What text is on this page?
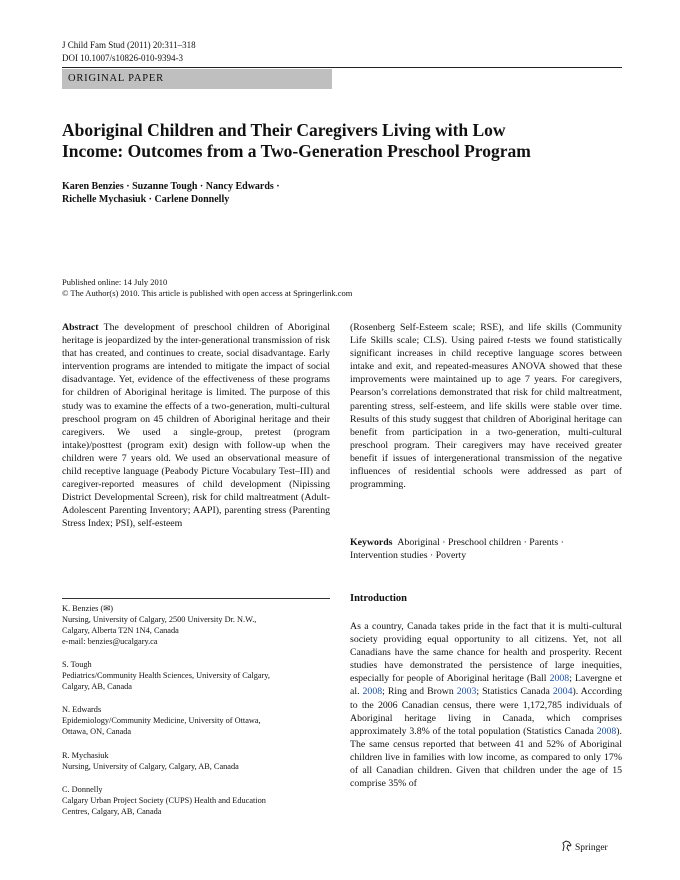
J Child Fam Stud (2011) 20:311–318
DOI 10.1007/s10826-010-9394-3
ORIGINAL PAPER
Aboriginal Children and Their Caregivers Living with Low
Income: Outcomes from a Two-Generation Preschool Program
Karen Benzies · Suzanne Tough · Nancy Edwards ·
Richelle Mychasiuk · Carlene Donnelly
Published online: 14 July 2010
© The Author(s) 2010. This article is published with open access at Springerlink.com
Abstract The development of preschool children of Aboriginal heritage is jeopardized by the inter-generational transmission of risk that has created, and continues to create, social disadvantage. Early intervention programs are intended to mitigate the impact of social disadvantage. Yet, evidence of the effectiveness of these programs for children of Aboriginal heritage is limited. The purpose of this study was to examine the effects of a two-generation, multi-cultural preschool program on 45 children of Aboriginal heritage and their caregivers. We used a single-group, pretest (program intake)/posttest (program exit) design with follow-up when the children were 7 years old. We used an observational measure of child receptive language (Peabody Picture Vocabulary Test–III) and caregiver-reported measures of child development (Nipissing District Developmental Screen), risk for child maltreatment (Adult-Adolescent Parenting Inventory; AAPI), parenting stress (Parenting Stress Index; PSI), self-esteem
(Rosenberg Self-Esteem scale; RSE), and life skills (Community Life Skills scale; CLS). Using paired t-tests we found statistically significant increases in child receptive language scores between intake and exit, and repeated-measures ANOVA showed that these improvements were maintained up to age 7 years. For caregivers, Pearson’s correlations demonstrated that risk for child maltreatment, parenting stress, self-esteem, and life skills were stable over time. Results of this study suggest that children of Aboriginal heritage can benefit from participation in a two-generation, multi-cultural preschool program. Their caregivers may have received greater benefit if issues of intergenerational transmission of the negative influences of residential schools were addressed as part of programming.
Keywords Aboriginal · Preschool children · Parents ·
Intervention studies · Poverty
Introduction
As a country, Canada takes pride in the fact that it is multi-cultural society providing equal opportunity to all citizens. Yet, not all Canadians have the same chance for health and prosperity. Recent studies have demonstrated the persistence of large inequities, especially for people of Aboriginal heritage (Ball 2008; Lavergne et al. 2008; Ring and Brown 2003; Statistics Canada 2004). According to the 2006 Canadian census, there were 1,172,785 individuals of Aboriginal heritage living in Canada, which comprises approximately 3.8% of the total population (Statistics Canada 2008). The same census reported that between 41 and 52% of Aboriginal children live in families with low income, as compared to only 17% of all Canadian children. Given that children under the age of 15 comprise 35% of
K. Benzies (✉)
Nursing, University of Calgary, 2500 University Dr. N.W.,
Calgary, Alberta T2N 1N4, Canada
e-mail: benzies@ucalgary.ca
S. Tough
Pediatrics/Community Health Sciences, University of Calgary,
Calgary, AB, Canada
N. Edwards
Epidemiology/Community Medicine, University of Ottawa,
Ottawa, ON, Canada
R. Mychasiuk
Nursing, University of Calgary, Calgary, AB, Canada
C. Donnelly
Calgary Urban Project Society (CUPS) Health and Education
Centres, Calgary, AB, Canada
Springer
